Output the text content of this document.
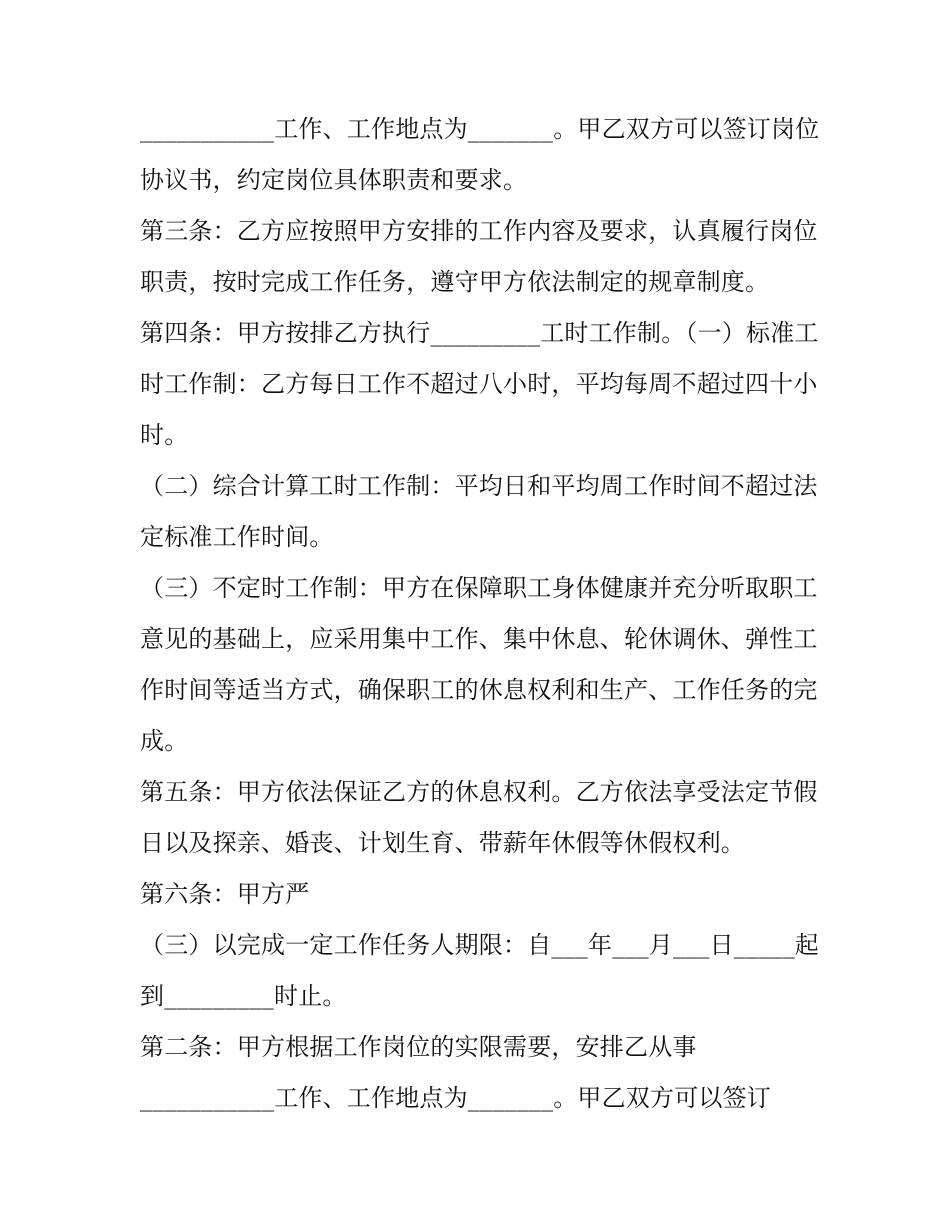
___________工作、工作地点为_______。甲乙双方可以签订岗位协议书，约定岗位具体职责和要求。

第三条：乙方应按照甲方安排的工作内容及要求，认真履行岗位职责，按时完成工作任务，遵守甲方依法制定的规章制度。

第四条：甲方按排乙方执行_________工时工作制。（一）标准工时工作制：乙方每日工作不超过八小时，平均每周不超过四十小时。

（二）综合计算工时工作制：平均日和平均周工作时间不超过法定标准工作时间。

（三）不定时工作制：甲方在保障职工身体健康并充分听取职工意见的基础上，应采用集中工作、集中休息、轮休调休、弹性工作时间等适当方式，确保职工的休息权利和生产、工作任务的完成。

第五条：甲方依法保证乙方的休息权利。乙方依法享受法定节假日以及探亲、婚丧、计划生育、带薪年休假等休假权利。

第六条：甲方严

（三）以完成一定工作任务人期限：自___年___月___日_____起到_________时止。

第二条：甲方根据工作岗位的实限需要，安排乙从事

___________工作、工作地点为_______。甲乙双方可以签订
